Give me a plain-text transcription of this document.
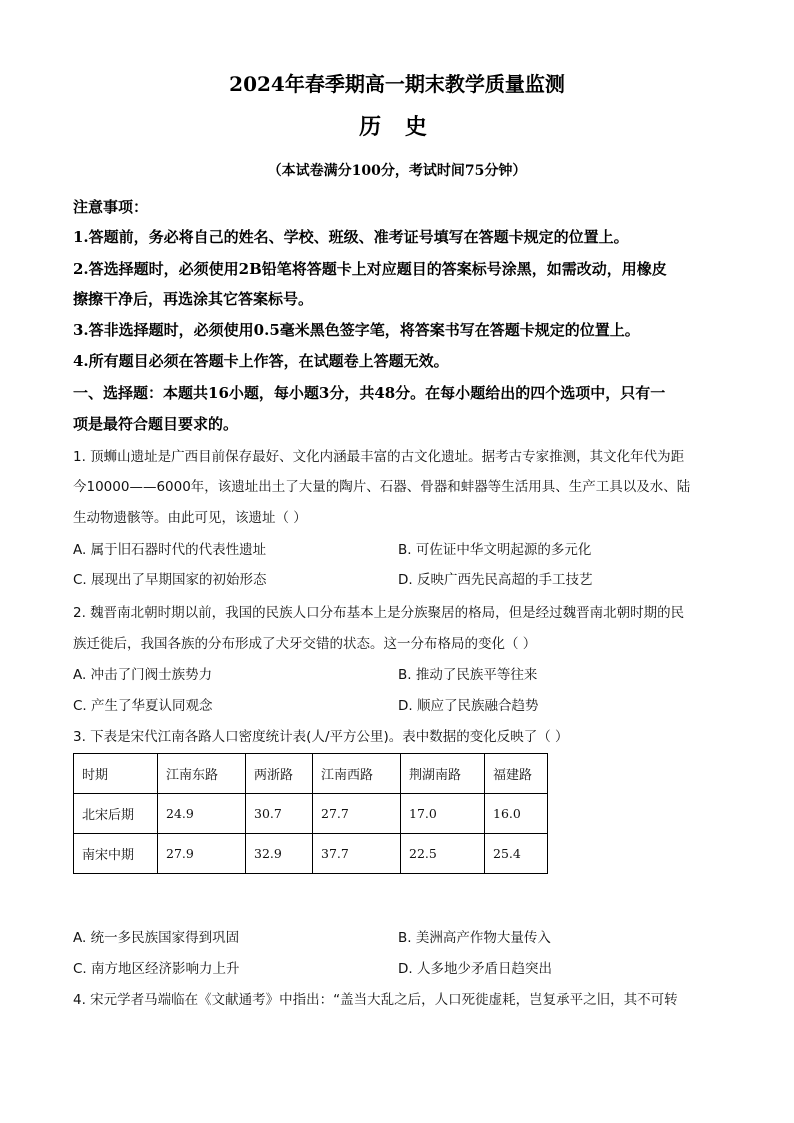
2024年春季期高一期末教学质量监测
历 史
（本试卷满分100分，考试时间75分钟）
注意事项：
1.答题前，务必将自己的姓名、学校、班级、准考证号填写在答题卡规定的位置上。
2.答选择题时，必须使用2B铅笔将答题卡上对应题目的答案标号涂黑，如需改动，用橡皮
擦擦干净后，再选涂其它答案标号。
3.答非选择题时，必须使用0.5毫米黑色签字笔，将答案书写在答题卡规定的位置上。
4.所有题目必须在答题卡上作答，在试题卷上答题无效。
一、选择题：本题共16小题，每小题3分，共48分。在每小题给出的四个选项中，只有一
项是最符合题目要求的。
1. 顶蛳山遗址是广西目前保存最好、文化内涵最丰富的古文化遗址。据考古专家推测，其文化年代为距
今10000——6000年，该遗址出土了大量的陶片、石器、骨器和蚌器等生活用具、生产工具以及水、陆
生动物遗骸等。由此可见，该遗址（ ）
A. 属于旧石器时代的代表性遗址	B. 可佐证中华文明起源的多元化
C. 展现出了早期国家的初始形态	D. 反映广西先民高超的手工技艺
2. 魏晋南北朝时期以前，我国的民族人口分布基本上是分族聚居的格局，但是经过魏晋南北朝时期的民
族迁徙后，我国各族的分布形成了犬牙交错的状态。这一分布格局的变化（ ）
A. 冲击了门阀士族势力	B. 推动了民族平等往来
C. 产生了华夏认同观念	D. 顺应了民族融合趋势
3. 下表是宋代江南各路人口密度统计表(人/平方公里)。表中数据的变化反映了（ ）
时期	江南东路	两浙路	江南西路	荆湖南路	福建路
北宋后期	24.9	30.7	27.7	17.0	16.0
南宋中期	27.9	32.9	37.7	22.5	25.4
A. 统一多民族国家得到巩固	B. 美洲高产作物大量传入
C. 南方地区经济影响力上升	D. 人多地少矛盾日趋突出
4. 宋元学者马端临在《文献通考》中指出：“盖当大乱之后，人口死徙虚耗，岂复承平之旧，其不可转
